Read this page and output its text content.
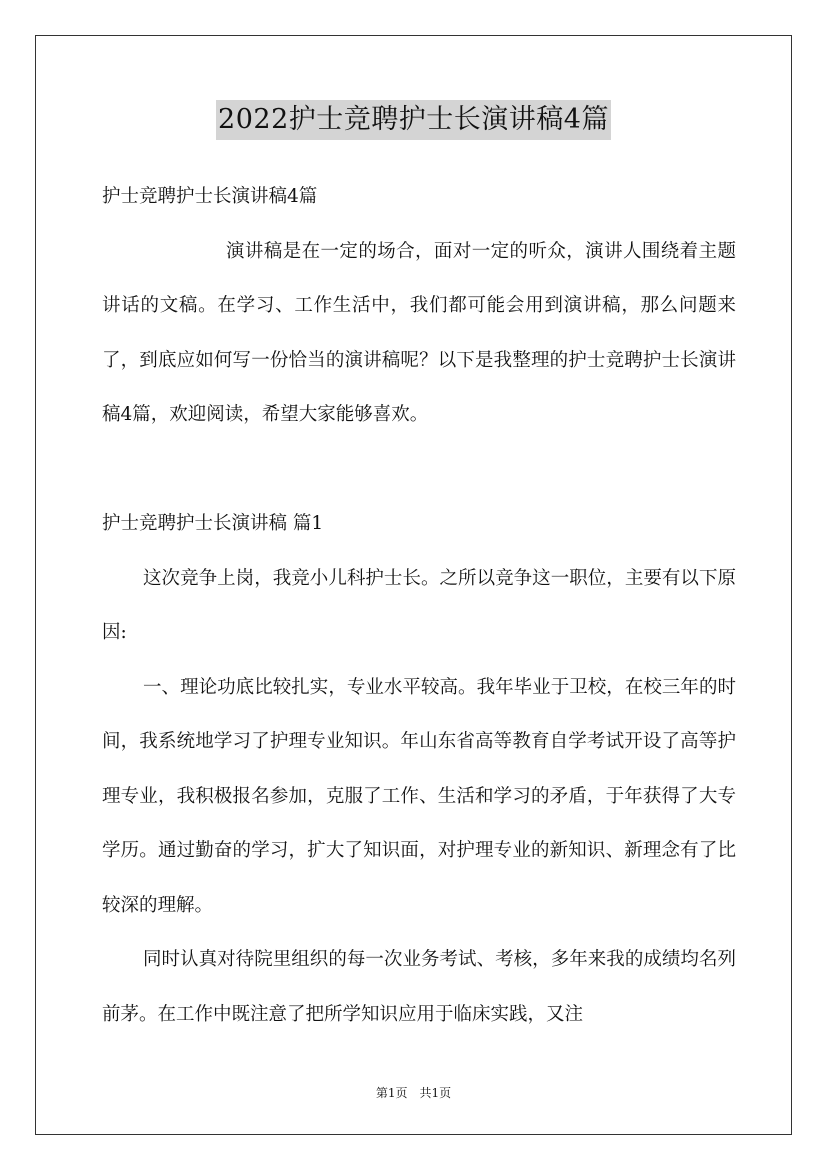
2022护士竞聘护士长演讲稿4篇

护士竞聘护士长演讲稿4篇

演讲稿是在一定的场合，面对一定的听众，演讲人围绕着主题讲话的文稿。在学习、工作生活中，我们都可能会用到演讲稿，那么问题来了，到底应如何写一份恰当的演讲稿呢？以下是我整理的护士竞聘护士长演讲稿4篇，欢迎阅读，希望大家能够喜欢。

护士竞聘护士长演讲稿 篇1

这次竞争上岗，我竞小儿科护士长。之所以竞争这一职位，主要有以下原因:

一、理论功底比较扎实，专业水平较高。我年毕业于卫校，在校三年的时间，我系统地学习了护理专业知识。年山东省高等教育自学考试开设了高等护理专业，我积极报名参加，克服了工作、生活和学习的矛盾，于年获得了大专学历。通过勤奋的学习，扩大了知识面，对护理专业的新知识、新理念有了比较深的理解。

同时认真对待院里组织的每一次业务考试、考核，多年来我的成绩均名列前茅。在工作中既注意了把所学知识应用于临床实践，又注

第1页　共1页
